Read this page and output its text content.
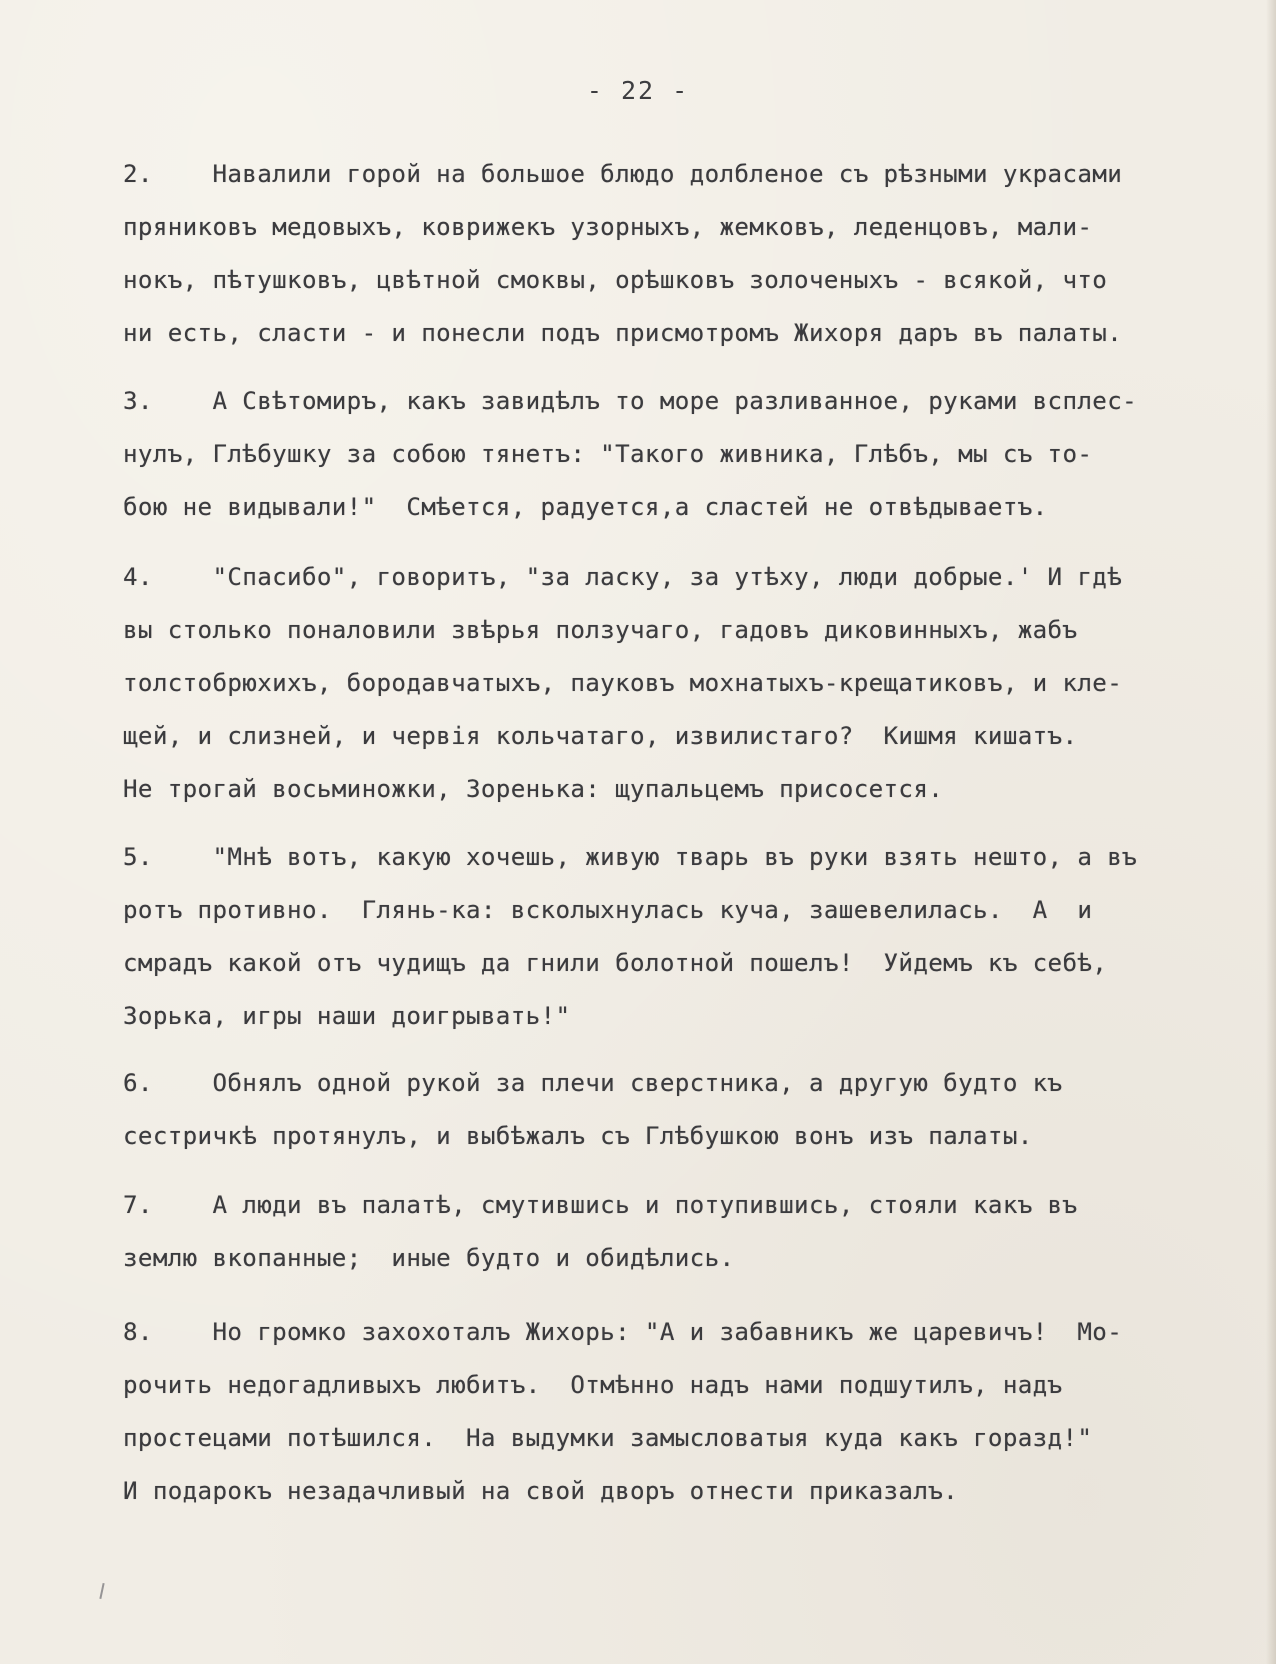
- 22 -
2.    Навалили горой на большое блюдо долбленое съ рѣзными украсами
пряниковъ медовыхъ, коврижекъ узорныхъ, жемковъ, леденцовъ, мали-
нокъ, пѣтушковъ, цвѣтной смоквы, орѣшковъ золоченыхъ - всякой, что
ни есть, сласти - и понесли подъ присмотромъ Жихоря даръ въ палаты.
3.    А Свѣтомиръ, какъ завидѣлъ то море разливанное, руками всплес-
нулъ, Глѣбушку за собою тянетъ: "Такого живника, Глѣбъ, мы съ то-
бою не видывали!"  Смѣется, радуется,а сластей не отвѣдываетъ.
4.    "Спасибо", говоритъ, "за ласку, за утѣху, люди добрые.' И гдѣ
вы столько поналовили звѣрья ползучаго, гадовъ диковинныхъ, жабъ
толстобрюхихъ, бородавчатыхъ, пауковъ мохнатыхъ-крещатиковъ, и кле-
щей, и слизней, и червія кольчатаго, извилистаго?  Кишмя кишатъ.
Не трогай восьминожки, Зоренька: щупальцемъ присосется.
5.    "Мнѣ вотъ, какую хочешь, живую тварь въ руки взять нешто, а въ
ротъ противно.  Глянь-ка: всколыхнулась куча, зашевелилась.  А  и
смрадъ какой отъ чудищъ да гнили болотной пошелъ!  Уйдемъ къ себѣ,
Зорька, игры наши доигрывать!"
6.    Обнялъ одной рукой за плечи сверстника, а другую будто къ
сестричкѣ протянулъ, и выбѣжалъ съ Глѣбушкою вонъ изъ палаты.
7.    А люди въ палатѣ, смутившись и потупившись, стояли какъ въ
землю вкопанные;  иные будто и обидѣлись.
8.    Но громко захохоталъ Жихорь: "А и забавникъ же царевичъ!  Мо-
рочить недогадливыхъ любитъ.  Отмѣнно надъ нами подшутилъ, надъ
простецами потѣшился.  На выдумки замысловатыя куда какъ горазд!"
И подарокъ незадачливый на свой дворъ отнести приказалъ.
